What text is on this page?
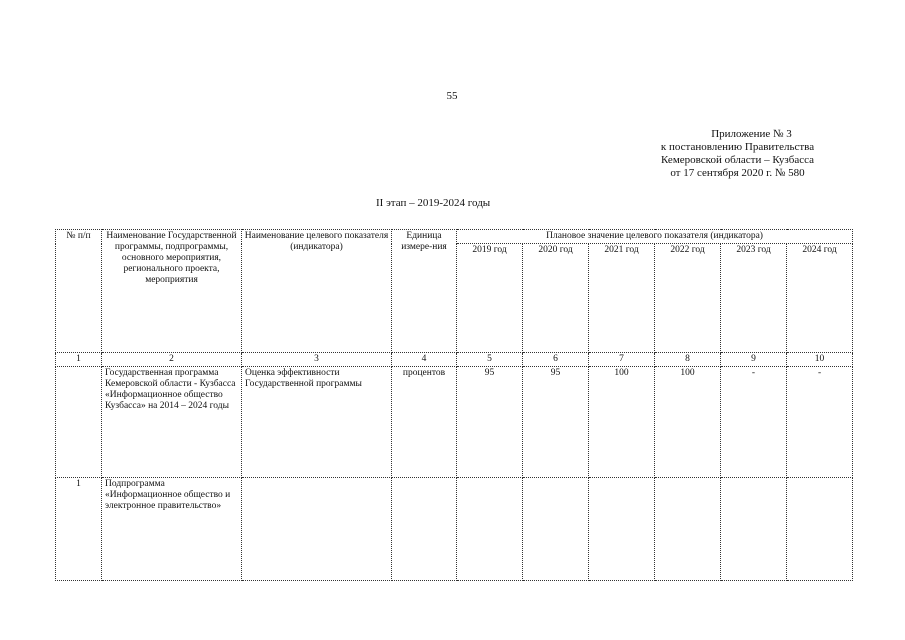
55
Приложение № 3
к постановлению Правительства
Кемеровской области – Кузбасса
от 17 сентября 2020 г. № 580
II этап – 2019-2024 годы
№ п/п	Наименование Государственной программы, подпрограммы, основного мероприятия, регионального проекта, мероприятия	Наименование целевого показателя (индикатора)	Единица измере-ния	Плановое значение целевого показателя (индикатора)					
				2019 год	2020 год	2021 год	2022 год	2023 год	2024 год
1	2	3	4	5	6	7	8	9	10
	Государственная программа Кемеровской области - Кузбасса «Информационное общество Кузбасса» на 2014 – 2024 годы	Оценка эффективности Государственной программы	процентов	95	95	100	100	-	-
1	Подпрограмма «Информационное общество и электронное правительство»								
